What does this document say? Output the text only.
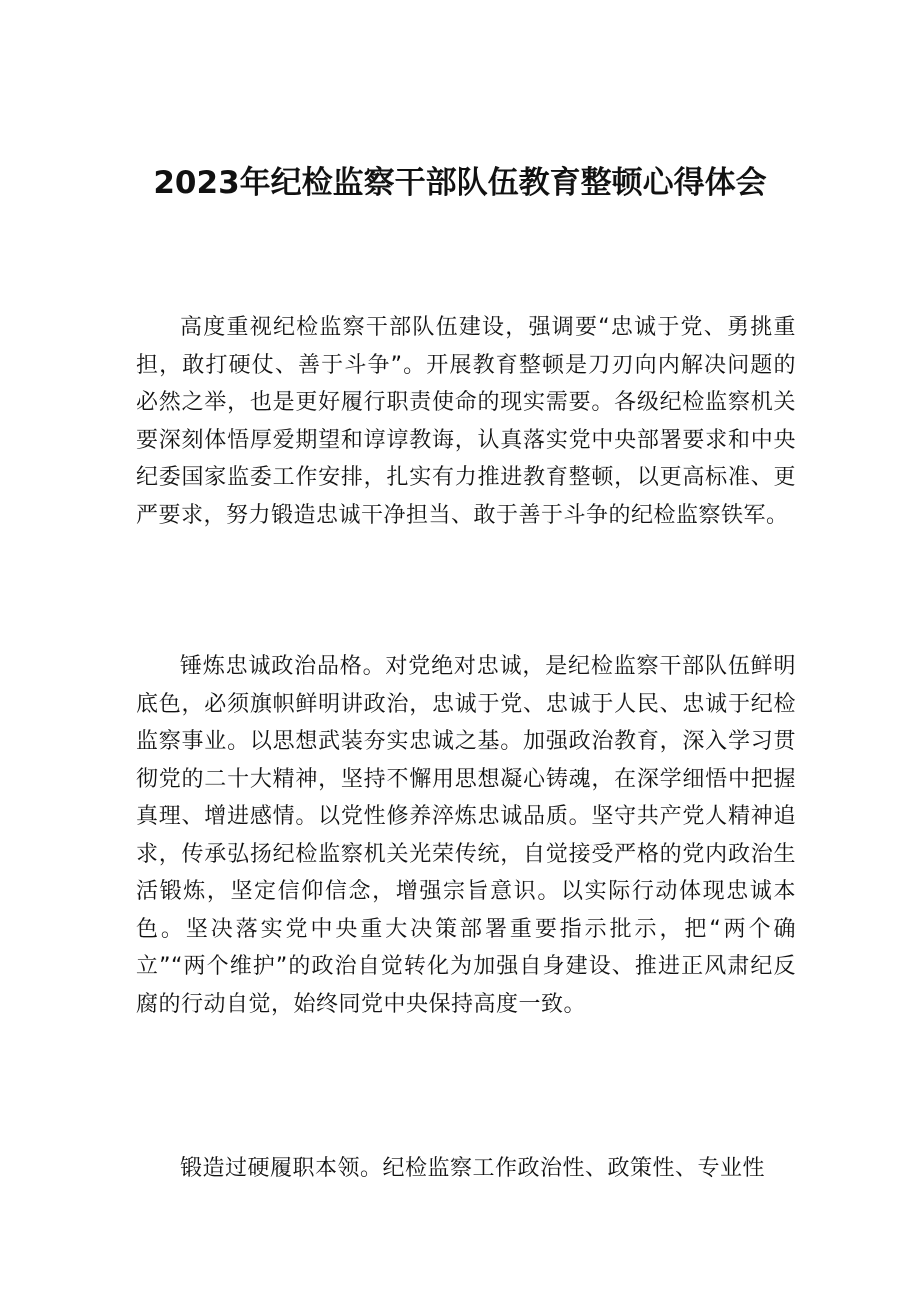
2023年纪检监察干部队伍教育整顿心得体会

高度重视纪检监察干部队伍建设，强调要“忠诚于党、勇挑重担，敢打硬仗、善于斗争”。开展教育整顿是刀刃向内解决问题的必然之举，也是更好履行职责使命的现实需要。各级纪检监察机关要深刻体悟厚爱期望和谆谆教诲，认真落实党中央部署要求和中央纪委国家监委工作安排，扎实有力推进教育整顿，以更高标准、更严要求，努力锻造忠诚干净担当、敢于善于斗争的纪检监察铁军。

锤炼忠诚政治品格。对党绝对忠诚，是纪检监察干部队伍鲜明底色，必须旗帜鲜明讲政治，忠诚于党、忠诚于人民、忠诚于纪检监察事业。以思想武装夯实忠诚之基。加强政治教育，深入学习贯彻党的二十大精神，坚持不懈用思想凝心铸魂，在深学细悟中把握真理、增进感情。以党性修养淬炼忠诚品质。坚守共产党人精神追求，传承弘扬纪检监察机关光荣传统，自觉接受严格的党内政治生活锻炼，坚定信仰信念，增强宗旨意识。以实际行动体现忠诚本色。坚决落实党中央重大决策部署重要指示批示，把“两个确立”“两个维护”的政治自觉转化为加强自身建设、推进正风肃纪反腐的行动自觉，始终同党中央保持高度一致。

锻造过硬履职本领。纪检监察工作政治性、政策性、专业性
